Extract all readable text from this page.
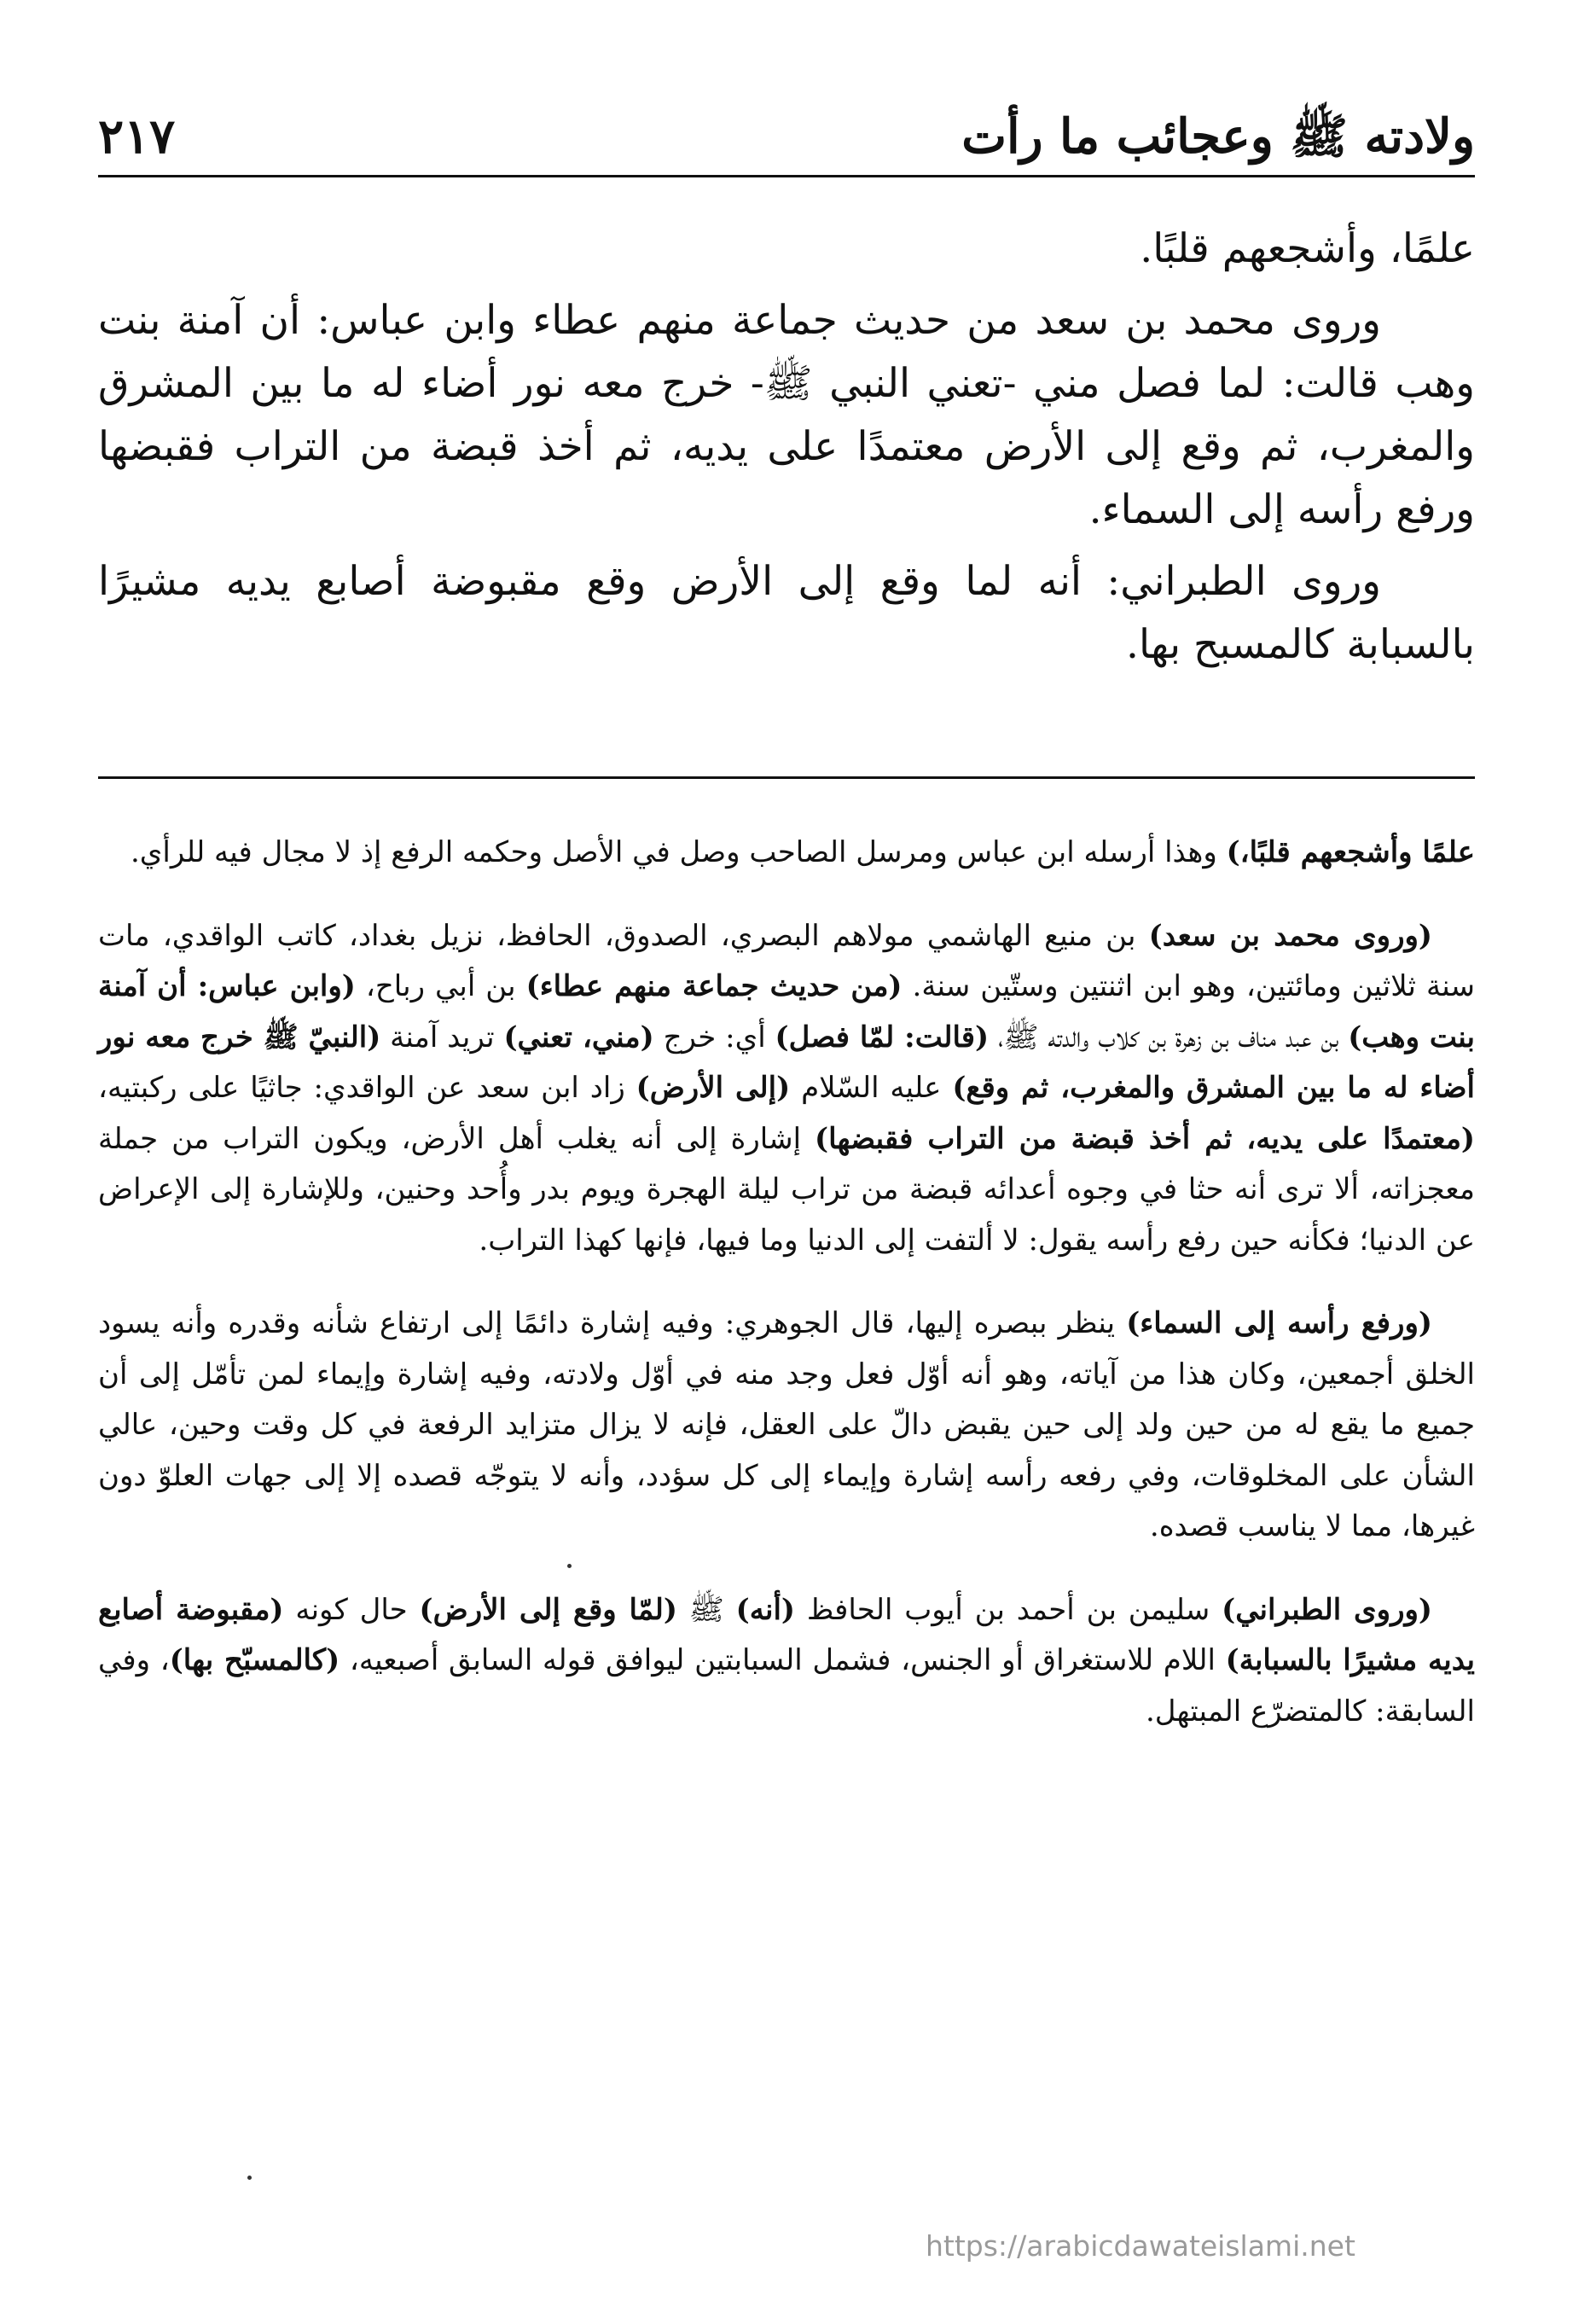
ولادته ﷺ وعجائب ما رأت
٢١٧

علمًا، وأشجعهم قلبًا.

وروى محمد بن سعد من حديث جماعة منهم عطاء وابن عباس: أن آمنة بنت وهب قالت: لما فصل مني -تعني النبي ﷺ- خرج معه نور أضاء له ما بين المشرق والمغرب، ثم وقع إلى الأرض معتمدًا على يديه، ثم أخذ قبضة من التراب فقبضها ورفع رأسه إلى السماء.

وروى الطبراني: أنه لما وقع إلى الأرض وقع مقبوضة أصابع يديه مشيرًا بالسبابة كالمسبح بها.

علمًا وأشجعهم قلبًا،) وهذا أرسله ابن عباس ومرسل الصاحب وصل في الأصل وحكمه الرفع إذ لا مجال فيه للرأي.

(وروى محمد بن سعد) بن منيع الهاشمي مولاهم البصري، الصدوق، الحافظ، نزيل بغداد، كاتب الواقدي، مات سنة ثلاثين ومائتين، وهو ابن اثنتين وستّين سنة. (من حديث جماعة منهم عطاء) بن أبي رباح، (وابن عباس: أن آمنة بنت وهب) بن عبد مناف بن زهرة بن كلاب والدته ﷺ، (قالت: لمّا فصل) أي: خرج (مني، تعني) تريد آمنة (النبيّ ﷺ خرج معه نور أضاء له ما بين المشرق والمغرب، ثم وقع) عليه السّلام (إلى الأرض) زاد ابن سعد عن الواقدي: جاثيًا على ركبتيه، (معتمدًا على يديه، ثم أخذ قبضة من التراب فقبضها) إشارة إلى أنه يغلب أهل الأرض، ويكون التراب من جملة معجزاته، ألا ترى أنه حثا في وجوه أعدائه قبضة من تراب ليلة الهجرة ويوم بدر وأُحد وحنين، وللإشارة إلى الإعراض عن الدنيا؛ فكأنه حين رفع رأسه يقول: لا ألتفت إلى الدنيا وما فيها، فإنها كهذا التراب.

(ورفع رأسه إلى السماء) ينظر ببصره إليها، قال الجوهري: وفيه إشارة دائمًا إلى ارتفاع شأنه وقدره وأنه يسود الخلق أجمعين، وكان هذا من آياته، وهو أنه أوّل فعل وجد منه في أوّل ولادته، وفيه إشارة وإيماء لمن تأمّل إلى أن جميع ما يقع له من حين ولد إلى حين يقبض دالّ على العقل، فإنه لا يزال متزايد الرفعة في كل وقت وحين، عالي الشأن على المخلوقات، وفي رفعه رأسه إشارة وإيماء إلى كل سؤدد، وأنه لا يتوجّه قصده إلا إلى جهات العلوّ دون غيرها، مما لا يناسب قصده.

(وروى الطبراني) سليمن بن أحمد بن أيوب الحافظ (أنه) ﷺ (لمّا وقع إلى الأرض) حال كونه (مقبوضة أصابع يديه مشيرًا بالسبابة) اللام للاستغراق أو الجنس، فشمل السبابتين ليوافق قوله السابق أصبعيه، (كالمسبّح بها)، وفي السابقة: كالمتضرّع المبتهل.

https://arabicdawateislami.net
